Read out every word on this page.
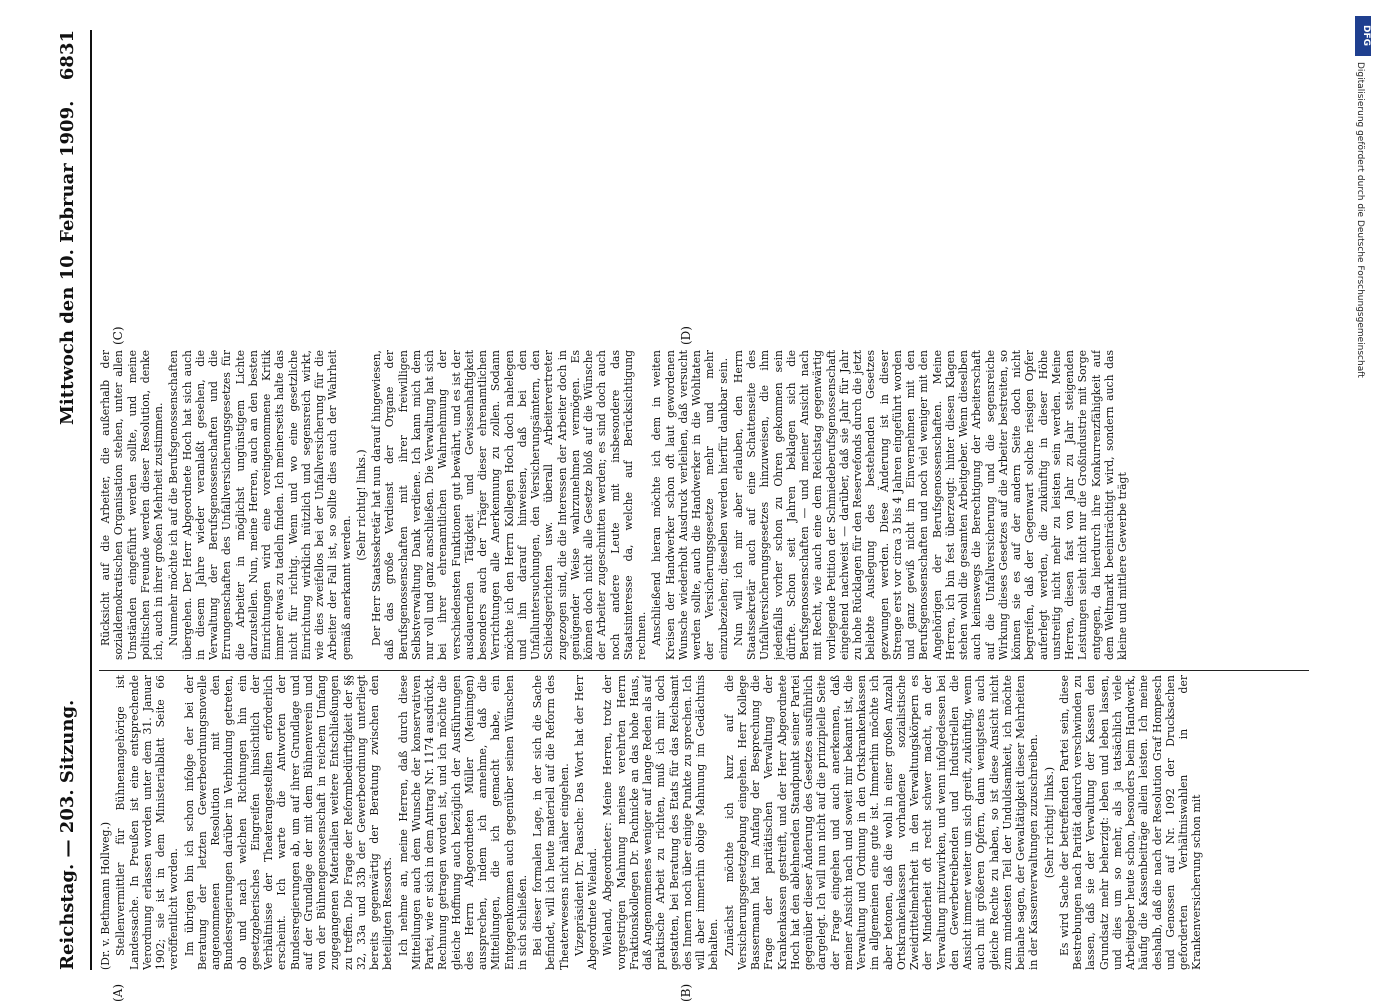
Reichstag. — 203. Sitzung.
Mittwoch den 10. Februar 1909.
6831

(Dr. v. Bethmann Hollweg.) Stellenvermittler für Bühnenangehörige ist Landessache. In Preußen ist eine entsprechende Verordnung erlassen worden unter dem 31. Januar 1902; sie ist in dem Ministerialblatt Seite 66 veröffentlicht worden. Im übrigen bin ich schon infolge der bei der Beratung der letzten Gewerbeordnungsnovelle angenommenen Resolution mit den Bundesregierungen darüber in Verbindung getreten, ob und nach welchen Richtungen hin ein gesetzgeberisches Eingreifen hinsichtlich der Verhältnisse der Theaterangestellten erforderlich erscheint. Ich warte die Antworten der Bundesregierungen ab, um auf ihrer Grundlage und auf der Grundlage der mit dem Bühnenverein und von der Bühnengenossenschaft in reichem Umfang zugegangenen Materialien weitere Entschließungen zu treffen. Die Frage der Reformbedürftigkeit der §§ 32, 33a und 33b der Gewerbeordnung unterliegt bereits gegenwärtig der Beratung zwischen den beteiligten Ressorts. Ich nehme an, meine Herren, daß durch diese Mitteilungen auch dem Wunsche der konservativen Partei, wie er sich in dem Antrag Nr. 1174 ausdrückt, Rechnung getragen worden ist, und ich möchte die gleiche Hoffnung auch bezüglich der Ausführungen des Herrn Abgeordneten Müller (Meiningen) aussprechen, indem ich annehme, daß die Mitteilungen, die ich gemacht habe, ein Entgegenkommen auch gegenüber seinen Wünschen in sich schließen. Bei dieser formalen Lage, in der sich die Sache befindet, will ich heute materiell auf die Reform des Theaterwesens nicht näher eingehen. Vizepräsident Dr. Paasche: Das Wort hat der Herr Abgeordnete Wieland. Wieland, Abgeordneter: Meine Herren, trotz der vorgestrigen Mahnung meines verehrten Herrn Fraktionskollegen Dr. Pachnicke an das hohe Haus, daß Angenommenes weniger auf lange Reden als auf praktische Arbeit zu richten, muß ich mir doch gestatten, bei Beratung des Etats für das Reichsamt des Innern noch über einige Punkte zu sprechen. Ich will aber immerhin obige Mahnung im Gedächtnis behalten. Zunächst möchte ich kurz auf die Versicherungsgesetzgebung eingehen. Herr Kollege Bassermann hat im Anfang der Besprechung die Frage der paritätischen Verwaltung der Krankenkassen gestreift, und der Herr Abgeordnete Hoch hat den ablehnenden Standpunkt seiner Partei gegenüber dieser Änderung des Gesetzes ausführlich dargelegt. Ich will nun nicht auf die prinzipielle Seite der Frage eingehen und auch anerkennen, daß meiner Ansicht nach und soweit mir bekannt ist, die Verwaltung und Ordnung in den Ortskrankenkassen im allgemeinen eine gute ist. Immerhin möchte ich aber betonen, daß die wohl in einer großen Anzahl Ortskrankenkassen vorhandene sozialistische Zweidrittelmehrheit in den Verwaltungskörpern es der Minderheit oft recht schwer macht, an der Verwaltung mitzuwirken, und wenn infolgedessen bei den Gewerbetreibenden und Industriellen die Ansicht immer weiter um sich greift, zukünftig, wenn auch mit größeren Opfern, dann wenigstens auch gleiche Rechte zu haben, so ist diese Ansicht nicht zum mindesten Teil der Unduldsamkeit, ich möchte beinahe sagen, der Gewaltätigkeit dieser Mehrheiten in der Kassenverwaltungen zuzuschreiben. (Sehr richtig! links.) Es wird Sache der betreffenden Partei sein, diese Bestrebungen nach Parität dadurch verschwinden zu lassen, daß sie der Verwaltung der Kassen den Grundsatz mehr beherzigt: leben und leben lassen, und dies um so mehr, als ja tatsächlich viele Arbeitgeber heute schon, besonders beim Handwerk, häufig die Kassenbeiträge allein leisten. Ich meine deshalb, daß die nach der Resolution Graf Hompesch und Genossen auf Nr. 1092 der Drucksachen geforderten Verhältniswahlen in der Krankenversicherung schon mit

Rücksicht auf die Arbeiter, die außerhalb der sozialdemokratischen Organisation stehen, unter allen Umständen eingeführt werden sollte, und meine politischen Freunde werden dieser Resolution, denke ich, auch in ihrer großen Mehrheit zustimmen. Nunmehr möchte ich auf die Berufsgenossenschaften übergehen. Der Herr Abgeordnete Hoch hat sich auch in diesem Jahre wieder veranlaßt gesehen, die Verwaltung der Berufsgenossenschaften und die Errungenschaften des Unfallversicherungsgesetzes für die Arbeiter in möglichst ungünstigem Lichte darzustellen. Nun, meine Herren, auch an den besten Einrichtungen wird eine voreingenommene Kritik immer etwas zu tadeln finden. Ich meinerseits halte das nicht für richtig. Wenn und wo eine gesetzliche Einrichtung wirklich nützlich und segensreich wirkt, wie dies zweifellos bei der Unfallversicherung für die Arbeiter der Fall ist, so sollte dies auch der Wahrheit gemäß anerkannt werden.

(Sehr richtig! links.) Der Herr Staatssekretär hat nun darauf hingewiesen, daß das große Verdienst der Organe der Berufsgenossenschaften mit ihrer freiwilligen Selbstverwaltung Dank verdiene. Ich kann mich dem nur voll und ganz anschließen. Die Verwaltung hat sich bei ihrer ehrenamtlichen Wahrnehmung der verschiedensten Funktionen gut bewährt, und es ist der ausdauernden Tätigkeit und Gewissenhaftigkeit besonders auch der Träger dieser ehrenamtlichen Verrichtungen alle Anerkennung zu zollen. Sodann möchte ich den Herrn Kollegen Hoch doch nahelegen und ihn darauf hinweisen, daß bei den Unfalluntersuchungen, den Versicherungsämtern, den Schiedsgerichten usw. überall Arbeitervertreter zugezogen sind, die die Interessen der Arbeiter doch in genügender Weise wahrzunehmen vermögen. Es können doch nicht alle Gesetze bloß auf die Wünsche der Arbeiter zugeschnitten werden; es sind doch auch noch andere Leute mit insbesondere das Staatsinteresse da, welche auf Berücksichtigung rechnen. Anschließend hieran möchte ich dem in weiten Kreisen der Handwerker schon oft laut gewordenen Wunsche wiederholt Ausdruck verleihen, daß versucht werden sollte, auch die Handwerker in die Wohltaten der Versicherungsgesetze mehr und mehr einzubeziehen; dieselben werden hierfür dankbar sein. Nun will ich mir aber erlauben, den Herrn Staatssekretär auch auf eine Schattenseite des Unfallversicherungsgesetzes hinzuweisen, die ihm jedenfalls vorher schon zu Ohren gekommen sein dürfte. Schon seit Jahren beklagen sich die Berufsgenossenschaften — und meiner Ansicht nach mit Recht, wie auch eine dem Reichstag gegenwärtig vorliegende Petition der Schmiedeberufsgenossenschaft eingehend nachweist — darüber, daß sie Jahr für Jahr zu hohe Rücklagen für den Reservefonds durch die jetzt beliebte Auslegung des bestehenden Gesetzes gezwungen werden. Diese Änderung ist in dieser Strenge erst vor circa 3 bis 4 Jahren eingeführt worden und ganz gewiß nicht im Einvernehmen mit den Berufsgenossenschaften und noch viel weniger mit den Angehörigen der Berufsgenossenschaften. Meine Herren, ich bin fest überzeugt: hinter diesen Klagen stehen wohl die gesamten Arbeitgeber. Wenn dieselben auch keineswegs die Berechtigung der Arbeiterschaft auf die Unfallversicherung und die segensreiche Wirkung dieses Gesetzes auf die Arbeiter bestreiten, so können sie es auf der andern Seite doch nicht begreifen, daß der Gegenwart solche riesigen Opfer auferlegt werden, die zukünftig in dieser Höhe unstreitig nicht mehr zu leisten sein werden. Meine Herren, diesen fast von Jahr zu Jahr steigenden Leistungen sieht nicht nur die Großindustrie mit Sorge entgegen, da hierdurch ihre Konkurrenzfähigkeit auf dem Weltmarkt beeinträchtigt wird, sondern auch das kleine und mittlere Gewerbe trägt

(A)	(B)
(C)	(D)
DFG
Digitalisierung gefördert durch die Deutsche Forschungsgemeinschaft
